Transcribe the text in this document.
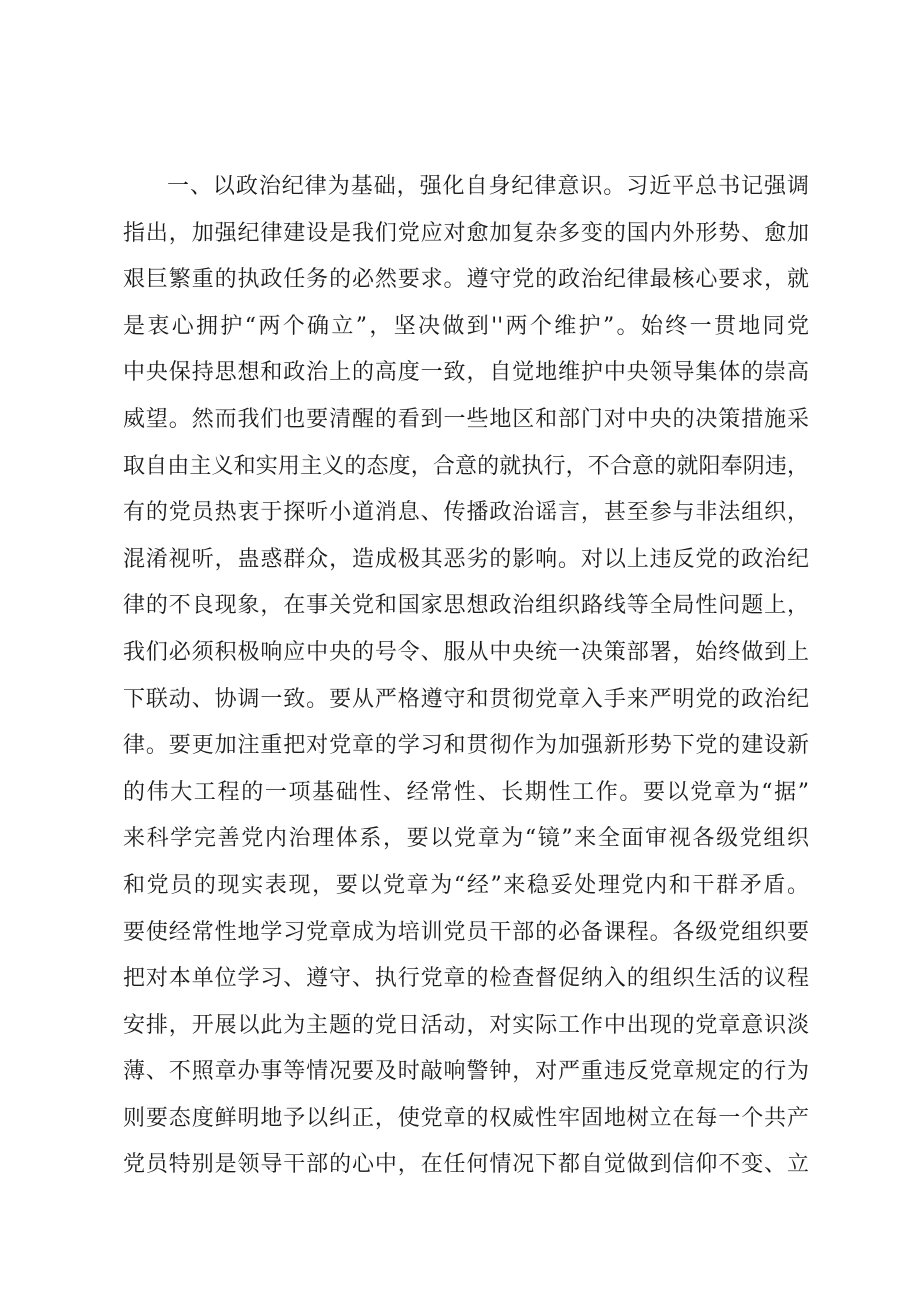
一、以政治纪律为基础，强化自身纪律意识。习近平总书记强调
指出，加强纪律建设是我们党应对愈加复杂多变的国内外形势、愈加
艰巨繁重的执政任务的必然要求。遵守党的政治纪律最核心要求，就
是衷心拥护“两个确立”，坚决做到''两个维护”。始终一贯地同党
中央保持思想和政治上的高度一致，自觉地维护中央领导集体的崇高
威望。然而我们也要清醒的看到一些地区和部门对中央的决策措施采
取自由主义和实用主义的态度，合意的就执行，不合意的就阳奉阴违，
有的党员热衷于探听小道消息、传播政治谣言，甚至参与非法组织，
混淆视听，蛊惑群众，造成极其恶劣的影响。对以上违反党的政治纪
律的不良现象，在事关党和国家思想政治组织路线等全局性问题上，
我们必须积极响应中央的号令、服从中央统一决策部署，始终做到上
下联动、协调一致。要从严格遵守和贯彻党章入手来严明党的政治纪
律。要更加注重把对党章的学习和贯彻作为加强新形势下党的建设新
的伟大工程的一项基础性、经常性、长期性工作。要以党章为“据”
来科学完善党内治理体系，要以党章为“镜”来全面审视各级党组织
和党员的现实表现，要以党章为“经”来稳妥处理党内和干群矛盾。
要使经常性地学习党章成为培训党员干部的必备课程。各级党组织要
把对本单位学习、遵守、执行党章的检查督促纳入的组织生活的议程
安排，开展以此为主题的党日活动，对实际工作中出现的党章意识淡
薄、不照章办事等情况要及时敲响警钟，对严重违反党章规定的行为
则要态度鲜明地予以纠正，使党章的权威性牢固地树立在每一个共产
党员特别是领导干部的心中，在任何情况下都自觉做到信仰不变、立
